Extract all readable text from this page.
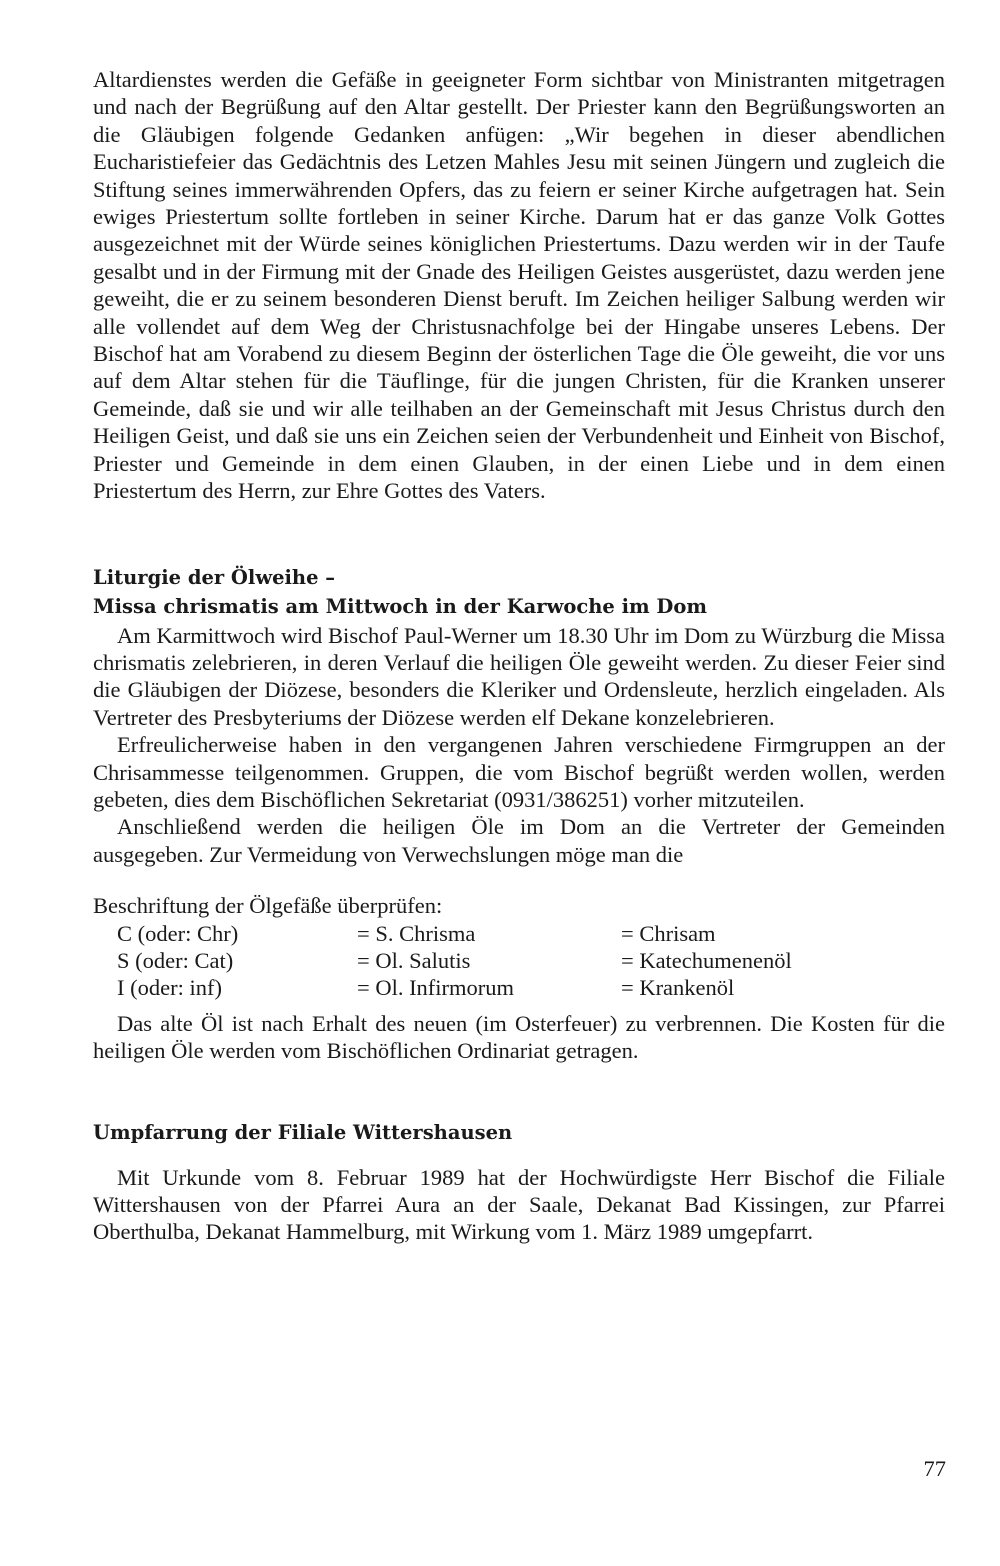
Altardienstes werden die Gefäße in geeigneter Form sichtbar von Ministranten mitgetragen und nach der Begrüßung auf den Altar gestellt. Der Priester kann den Begrüßungsworten an die Gläubigen folgende Gedanken anfügen: „Wir begehen in dieser abendlichen Eucharistiefeier das Gedächtnis des Letzen Mahles Jesu mit seinen Jüngern und zugleich die Stiftung seines immerwährenden Opfers, das zu feiern er seiner Kirche aufgetragen hat. Sein ewiges Priestertum sollte fortleben in seiner Kirche. Darum hat er das ganze Volk Gottes ausgezeichnet mit der Würde seines königlichen Priestertums. Dazu werden wir in der Taufe gesalbt und in der Firmung mit der Gnade des Heiligen Geistes ausgerüstet, dazu werden jene geweiht, die er zu seinem besonderen Dienst beruft. Im Zeichen heiliger Salbung werden wir alle vollendet auf dem Weg der Christusnachfolge bei der Hingabe unseres Lebens. Der Bischof hat am Vorabend zu diesem Beginn der österlichen Tage die Öle geweiht, die vor uns auf dem Altar stehen für die Täuflinge, für die jungen Christen, für die Kranken unserer Gemeinde, daß sie und wir alle teilhaben an der Gemeinschaft mit Jesus Christus durch den Heiligen Geist, und daß sie uns ein Zeichen seien der Verbundenheit und Einheit von Bischof, Priester und Gemeinde in dem einen Glauben, in der einen Liebe und in dem einen Priestertum des Herrn, zur Ehre Gottes des Vaters.

Liturgie der Ölweihe –
Missa chrismatis am Mittwoch in der Karwoche im Dom

Am Karmittwoch wird Bischof Paul-Werner um 18.30 Uhr im Dom zu Würzburg die Missa chrismatis zelebrieren, in deren Verlauf die heiligen Öle geweiht werden. Zu dieser Feier sind die Gläubigen der Diözese, besonders die Kleriker und Ordensleute, herzlich eingeladen. Als Vertreter des Presbyteriums der Diözese werden elf Dekane konzelebrieren.

Erfreulicherweise haben in den vergangenen Jahren verschiedene Firmgruppen an der Chrisammesse teilgenommen. Gruppen, die vom Bischof begrüßt werden wollen, werden gebeten, dies dem Bischöflichen Sekretariat (0931/386251) vorher mitzuteilen.

Anschließend werden die heiligen Öle im Dom an die Vertreter der Gemeinden ausgegeben. Zur Vermeidung von Verwechslungen möge man die

Beschriftung der Ölgefäße überprüfen:

C (oder: Chr)	= S. Chrisma	= Chrisam
S (oder: Cat)	= Ol. Salutis	= Katechumenenöl
I (oder: inf)	= Ol. Infirmorum	= Krankenöl

Das alte Öl ist nach Erhalt des neuen (im Osterfeuer) zu verbrennen. Die Kosten für die heiligen Öle werden vom Bischöflichen Ordinariat getragen.

Umpfarrung der Filiale Wittershausen

Mit Urkunde vom 8. Februar 1989 hat der Hochwürdigste Herr Bischof die Filiale Wittershausen von der Pfarrei Aura an der Saale, Dekanat Bad Kissingen, zur Pfarrei Oberthulba, Dekanat Hammelburg, mit Wirkung vom 1. März 1989 umgepfarrt.

77
